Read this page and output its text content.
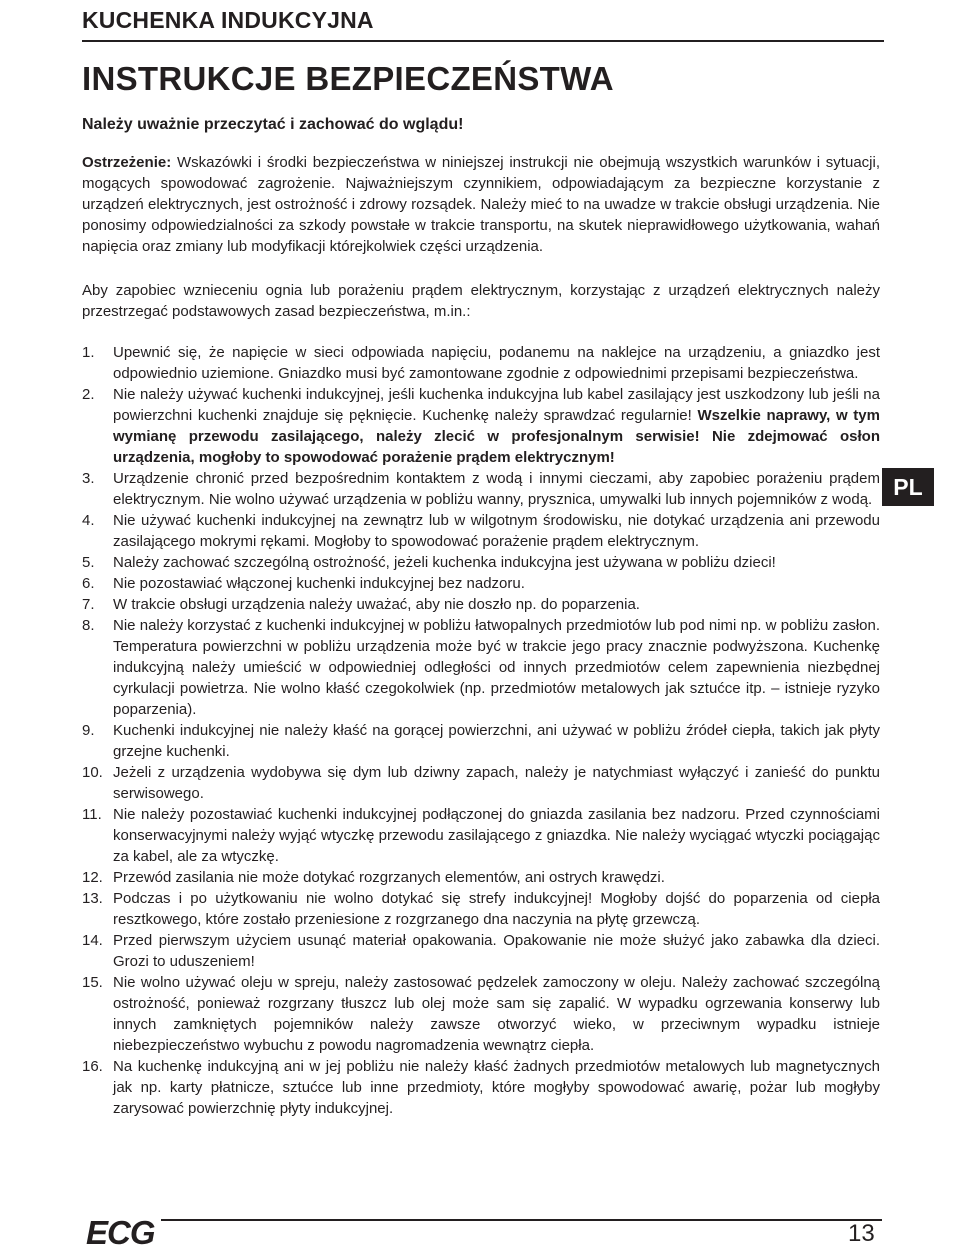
KUCHENKA INDUKCYJNA
INSTRUKCJE BEZPIECZEŃSTWA
Należy uważnie przeczytać i zachować do wglądu!

Ostrzeżenie: Wskazówki i środki bezpieczeństwa w niniejszej instrukcji nie obejmują wszystkich warunków i sytuacji, mogących spowodować zagrożenie. Najważniejszym czynnikiem, odpowiadającym za bezpieczne korzystanie z urządzeń elektrycznych, jest ostrożność i zdrowy rozsądek. Należy mieć to na uwadze w trakcie obsługi urządzenia. Nie ponosimy odpowiedzialności za szkody powstałe w trakcie transportu, na skutek nieprawidłowego użytkowania, wahań napięcia oraz zmiany lub modyfikacji którejkolwiek części urządzenia.

Aby zapobiec wznieceniu ognia lub porażeniu prądem elektrycznym, korzystając z urządzeń elektrycznych należy przestrzegać podstawowych zasad bezpieczeństwa, m.in.:

1. Upewnić się, że napięcie w sieci odpowiada napięciu, podanemu na naklejce na urządzeniu, a gniazdko jest odpowiednio uziemione. Gniazdko musi być zamontowane zgodnie z odpowiednimi przepisami bezpieczeństwa.
2. Nie należy używać kuchenki indukcyjnej, jeśli kuchenka indukcyjna lub kabel zasilający jest uszkodzony lub jeśli na powierzchni kuchenki znajduje się pęknięcie. Kuchenkę należy sprawdzać regularnie! Wszelkie naprawy, w tym wymianę przewodu zasilającego, należy zlecić w profesjonalnym serwisie! Nie zdejmować osłon urządzenia, mogłoby to spowodować porażenie prądem elektrycznym!
3. Urządzenie chronić przed bezpośrednim kontaktem z wodą i innymi cieczami, aby zapobiec porażeniu prądem elektrycznym. Nie wolno używać urządzenia w pobliżu wanny, prysznica, umywalki lub innych pojemników z wodą.
4. Nie używać kuchenki indukcyjnej na zewnątrz lub w wilgotnym środowisku, nie dotykać urządzenia ani przewodu zasilającego mokrymi rękami. Mogłoby to spowodować porażenie prądem elektrycznym.
5. Należy zachować szczególną ostrożność, jeżeli kuchenka indukcyjna jest używana w pobliżu dzieci!
6. Nie pozostawiać włączonej kuchenki indukcyjnej bez nadzoru.
7. W trakcie obsługi urządzenia należy uważać, aby nie doszło np. do poparzenia.
8. Nie należy korzystać z kuchenki indukcyjnej w pobliżu łatwopalnych przedmiotów lub pod nimi np. w pobliżu zasłon. Temperatura powierzchni w pobliżu urządzenia może być w trakcie jego pracy znacznie podwyższona. Kuchenkę indukcyjną należy umieścić w odpowiedniej odległości od innych przedmiotów celem zapewnienia niezbędnej cyrkulacji powietrza. Nie wolno kłaść czegokolwiek (np. przedmiotów metalowych jak sztućce itp. – istnieje ryzyko poparzenia).
9. Kuchenki indukcyjnej nie należy kłaść na gorącej powierzchni, ani używać w pobliżu źródeł ciepła, takich jak płyty grzejne kuchenki.
10. Jeżeli z urządzenia wydobywa się dym lub dziwny zapach, należy je natychmiast wyłączyć i zanieść do punktu serwisowego.
11. Nie należy pozostawiać kuchenki indukcyjnej podłączonej do gniazda zasilania bez nadzoru. Przed czynnościami konserwacyjnymi należy wyjąć wtyczkę przewodu zasilającego z gniazdka. Nie należy wyciągać wtyczki pociągając za kabel, ale za wtyczkę.
12. Przewód zasilania nie może dotykać rozgrzanych elementów, ani ostrych krawędzi.
13. Podczas i po użytkowaniu nie wolno dotykać się strefy indukcyjnej! Mogłoby dojść do poparzenia od ciepła resztkowego, które zostało przeniesione z rozgrzanego dna naczynia na płytę grzewczą.
14. Przed pierwszym użyciem usunąć materiał opakowania. Opakowanie nie może służyć jako zabawka dla dzieci. Grozi to uduszeniem!
15. Nie wolno używać oleju w spreju, należy zastosować pędzelek zamoczony w oleju. Należy zachować szczególną ostrożność, ponieważ rozgrzany tłuszcz lub olej może sam się zapalić. W wypadku ogrzewania konserwy lub innych zamkniętych pojemników należy zawsze otworzyć wieko, w przeciwnym wypadku istnieje niebezpieczeństwo wybuchu z powodu nagromadzenia wewnątrz ciepła.
16. Na kuchenkę indukcyjną ani w jej pobliżu nie należy kłaść żadnych przedmiotów metalowych lub magnetycznych jak np. karty płatnicze, sztućce lub inne przedmioty, które mogłyby spowodować awarię, pożar lub mogłyby zarysować powierzchnię płyty indukcyjnej.
PL
ECG	13
